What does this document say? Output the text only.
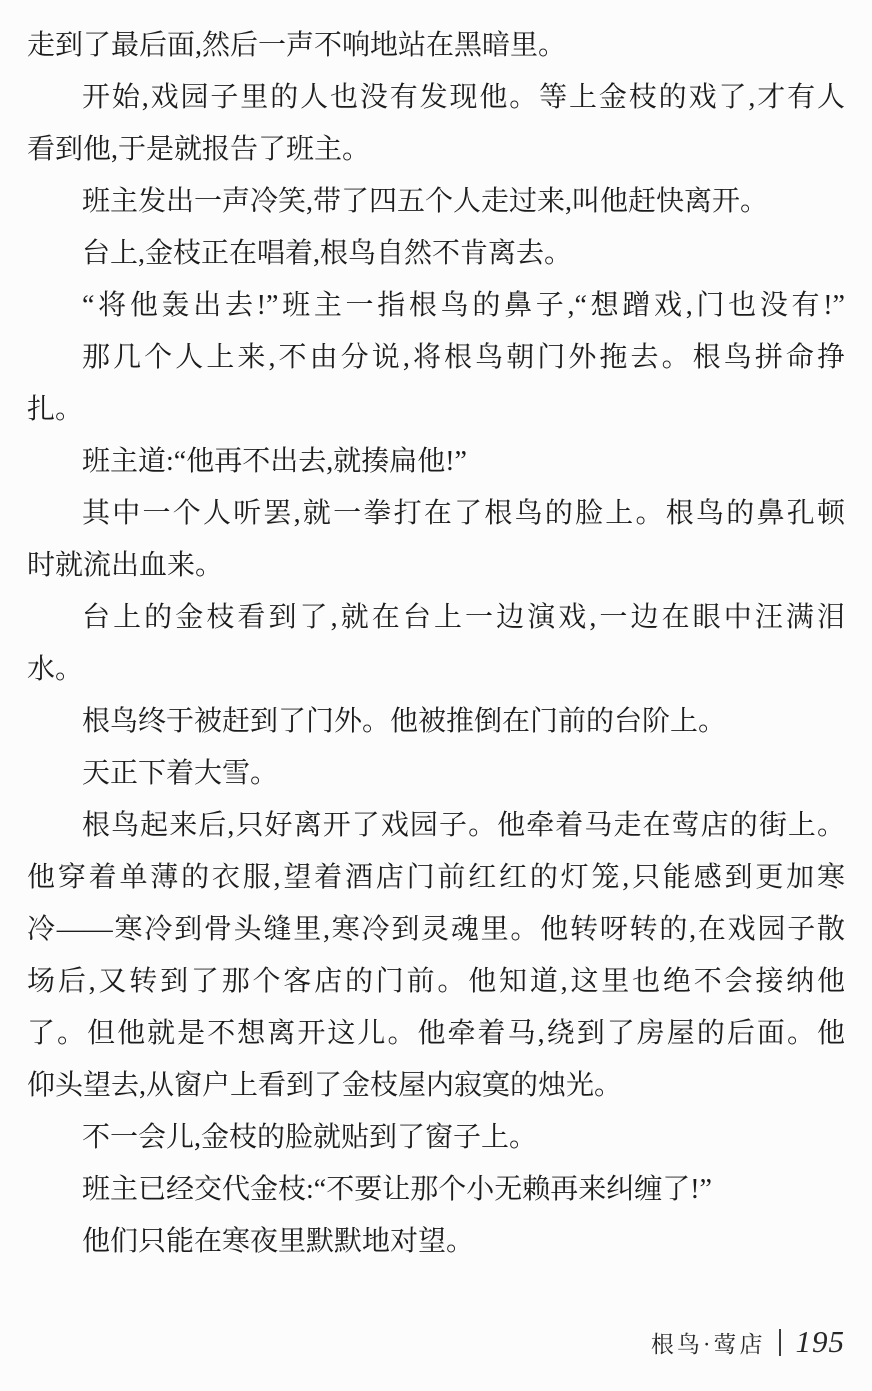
走到了最后面,然后一声不响地站在黑暗里。
开始,戏园子里的人也没有发现他。等上金枝的戏了,才有人
看到他,于是就报告了班主。
班主发出一声冷笑,带了四五个人走过来,叫他赶快离开。
台上,金枝正在唱着,根鸟自然不肯离去。
“将他轰出去!”班主一指根鸟的鼻子,“想蹭戏,门也没有!”
那几个人上来,不由分说,将根鸟朝门外拖去。根鸟拼命挣
扎。
班主道:“他再不出去,就揍扁他!”
其中一个人听罢,就一拳打在了根鸟的脸上。根鸟的鼻孔顿
时就流出血来。
台上的金枝看到了,就在台上一边演戏,一边在眼中汪满泪
水。
根鸟终于被赶到了门外。他被推倒在门前的台阶上。
天正下着大雪。
根鸟起来后,只好离开了戏园子。他牵着马走在莺店的街上。
他穿着单薄的衣服,望着酒店门前红红的灯笼,只能感到更加寒
冷——寒冷到骨头缝里,寒冷到灵魂里。他转呀转的,在戏园子散
场后,又转到了那个客店的门前。他知道,这里也绝不会接纳他
了。但他就是不想离开这儿。他牵着马,绕到了房屋的后面。他
仰头望去,从窗户上看到了金枝屋内寂寞的烛光。
不一会儿,金枝的脸就贴到了窗子上。
班主已经交代金枝:“不要让那个小无赖再来纠缠了!”
他们只能在寒夜里默默地对望。
根鸟·莺店 195
